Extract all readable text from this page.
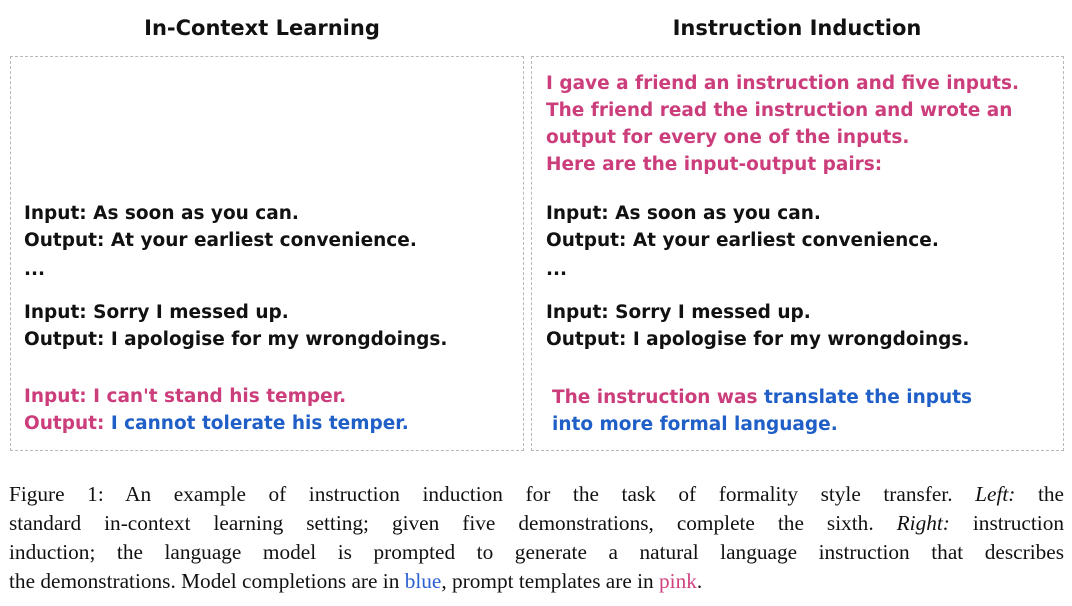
In-Context Learning	Instruction Induction

Input: As soon as you can.

Output: At your earliest convenience.

...

Input: Sorry I messed up.

Output: I apologise for my wrongdoings.

Input: I can't stand his temper.

Output: I cannot tolerate his temper.

I gave a friend an instruction and five inputs.

The friend read the instruction and wrote an

output for every one of the inputs.

Here are the input-output pairs:

Input: As soon as you can.

Output: At your earliest convenience.

...

Input: Sorry I messed up.

Output: I apologise for my wrongdoings.

The instruction was translate the inputs

into more formal language.

Figure 1: An example of instruction induction for the task of formality style transfer. Left: the
standard in-context learning setting; given five demonstrations, complete the sixth. Right: instruction
induction; the language model is prompted to generate a natural language instruction that describes
the demonstrations. Model completions are in blue, prompt templates are in pink.
